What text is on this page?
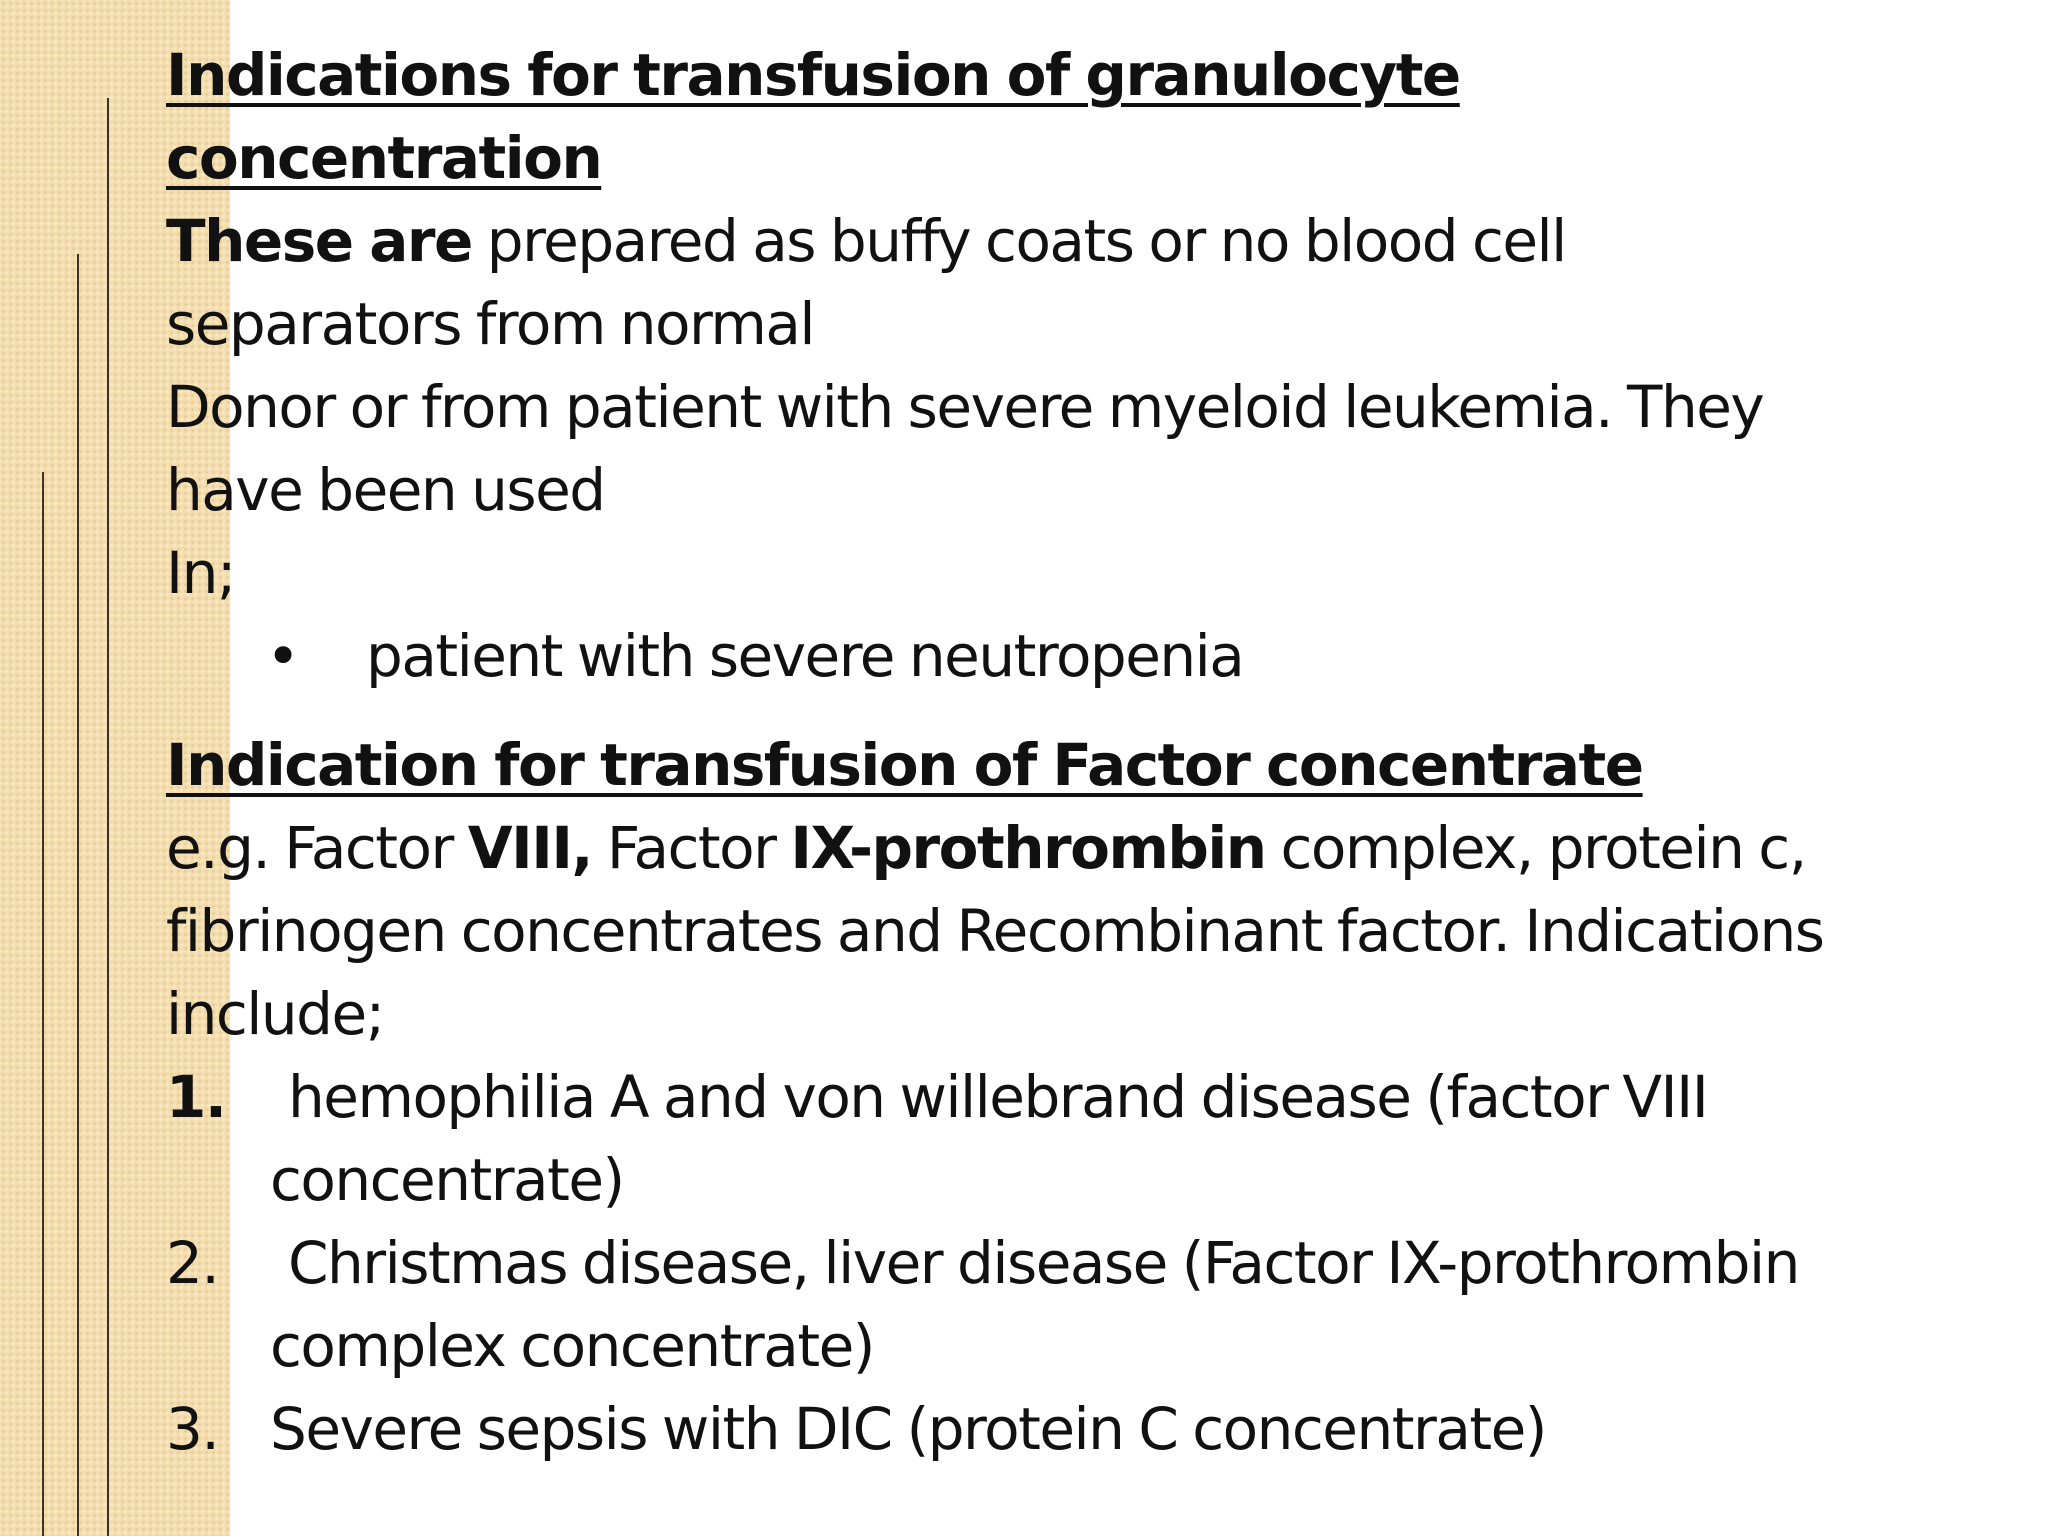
Indications for transfusion of granulocyte
concentration
These are prepared as buffy coats or no blood cell
separators from normal
Donor or from patient with severe myeloid leukemia. They
have been used
In;
• patient with severe neutropenia
Indication for transfusion of Factor concentrate
e.g. Factor VIII, Factor IX-prothrombin complex, protein c,
fibrinogen concentrates and Recombinant factor. Indications
include;
1.	hemophilia A and von willebrand disease (factor VIII
concentrate)
2.	Christmas disease, liver disease (Factor IX-prothrombin
complex concentrate)
3. Severe sepsis with DIC (protein C concentrate)
